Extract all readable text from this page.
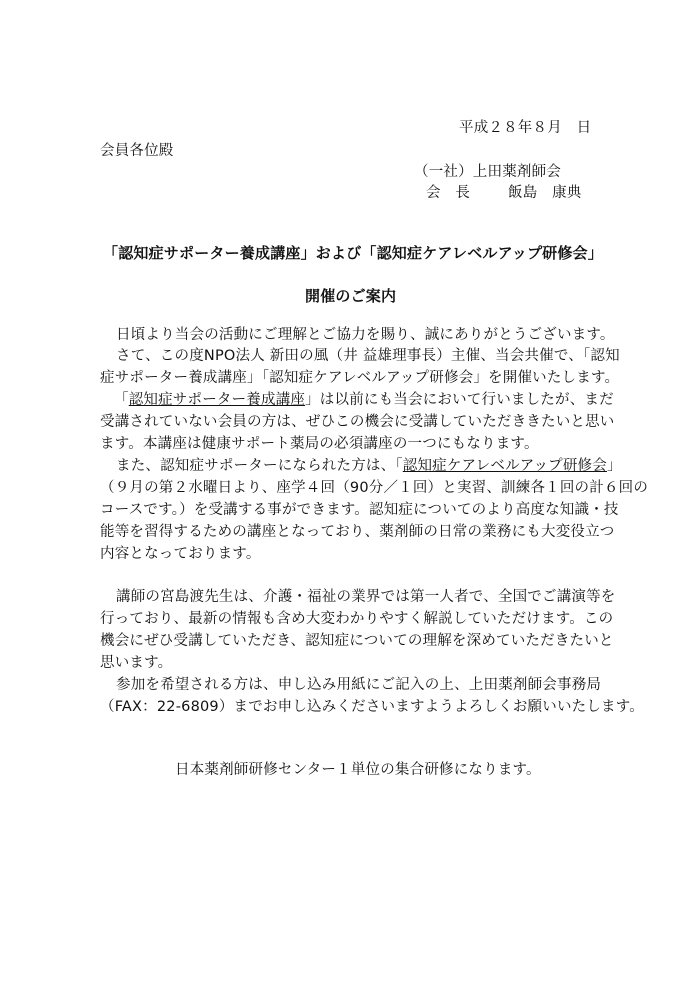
平成２８年８月　日
会員各位殿
（一社）上田薬剤師会
会　長	飯島　康典
「認知症サポーター養成講座」および「認知症ケアレベルアップ研修会」
開催のご案内
日頃より当会の活動にご理解とご協力を賜り、誠にありがとうございます。
さて、この度NPO法人 新田の風（井 益雄理事長）主催、当会共催で、「認知
症サポーター養成講座」「認知症ケアレベルアップ研修会」を開催いたします。
「認知症サポーター養成講座」は以前にも当会において行いましたが、まだ
受講されていない会員の方は、ぜひこの機会に受講していただききたいと思い
ます。本講座は健康サポート薬局の必須講座の一つにもなります。
また、認知症サポーターになられた方は、「認知症ケアレベルアップ研修会」
（９月の第２水曜日より、座学４回（90分／１回）と実習、訓練各１回の計６回の
コースです。）を受講する事ができます。認知症についてのより高度な知識・技
能等を習得するための講座となっており、薬剤師の日常の業務にも大変役立つ
内容となっております。
講師の宮島渡先生は、介護・福祉の業界では第一人者で、全国でご講演等を
行っており、最新の情報も含め大変わかりやすく解説していただけます。この
機会にぜひ受講していただき、認知症についての理解を深めていただきたいと
思います。
参加を希望される方は、申し込み用紙にご記入の上、上田薬剤師会事務局
（FAX：22-6809）までお申し込みくださいますようよろしくお願いいたします。
日本薬剤師研修センター１単位の集合研修になります。
